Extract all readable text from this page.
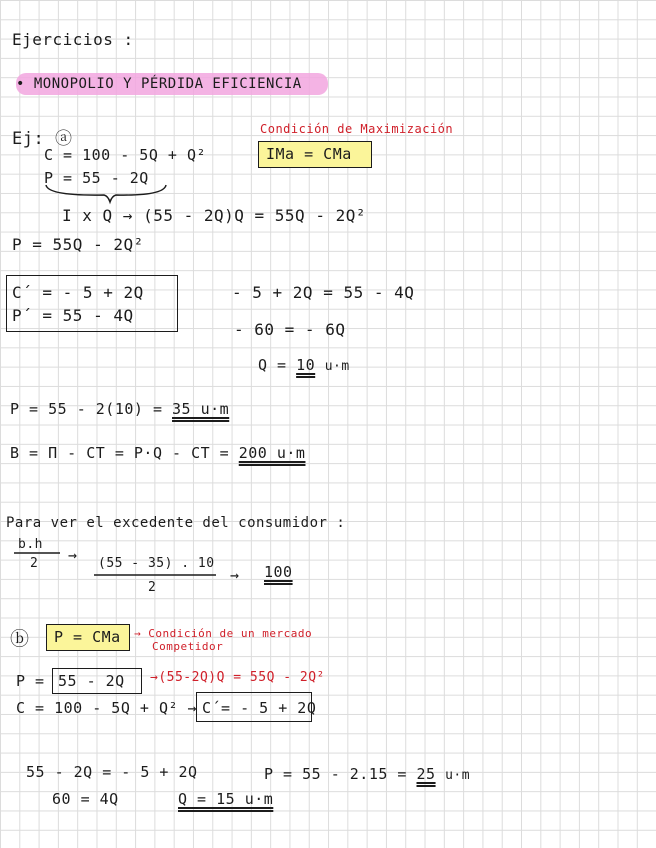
Ejercicios :
• MONOPOLIO Y PÉRDIDA EFICIENCIA
Ej: ⓐ	Condición de Maximización
IMa = CMa
C = 100 - 5Q + Q²
P = 55 - 2Q
I x Q → (55 - 2Q)Q = 55Q - 2Q²
P = 55Q - 2Q²
C´ = - 5 + 2Q
P´ = 55 - 4Q
- 5 + 2Q = 55 - 4Q
- 60 = - 6Q
Q = 10 u·m
P = 55 - 2(10) = 35 u·m
B = Π - CT = P·Q - CT = 200 u·m
Para ver el excedente del consumidor :
b.h
2 → (55 - 35) . 10
2
→ 100
ⓑ P = CMa → Condición de un mercado
Competidor
P = 55 - 2Q →(55-2Q)Q = 55Q - 2Q²
C = 100 - 5Q + Q² → C´= - 5 + 2Q
55 - 2Q = - 5 + 2Q
60 = 4Q	Q = 15 u·m
P = 55 - 2.15 = 25 u·m
